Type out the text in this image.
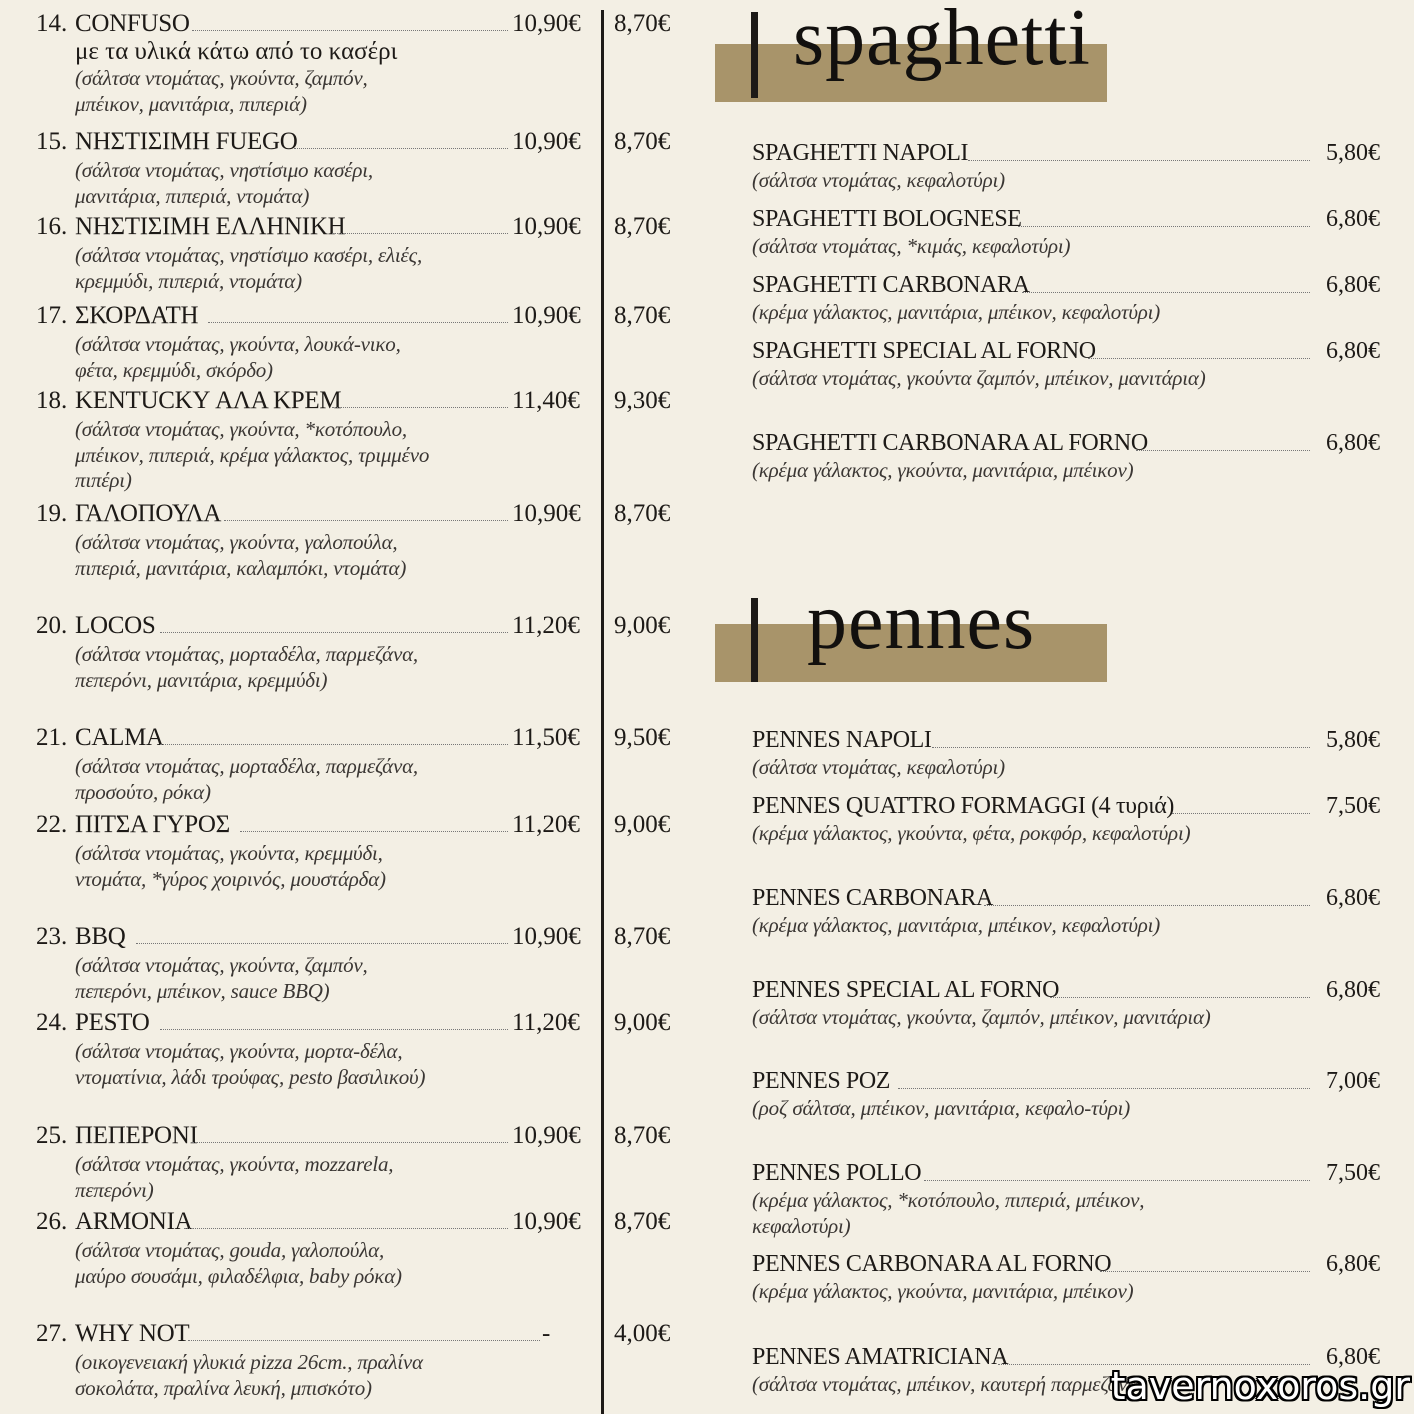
14. CONFUSO	10,90€	8,70€
με τα υλικά κάτω από το κασέρι
(σάλτσα ντομάτας, γκούντα, ζαμπόν, μπέικον, μανιτάρια, πιπεριά)
15. ΝΗΣΤΙΣΙΜΗ FUEGO	10,90€	8,70€
(σάλτσα ντομάτας, νηστίσιμο κασέρι, μανιτάρια, πιπεριά, ντομάτα)
16. ΝΗΣΤΙΣΙΜΗ ΕΛΛΗΝΙΚΗ	10,90€	8,70€
(σάλτσα ντομάτας, νηστίσιμο κασέρι, ελιές, κρεμμύδι, πιπεριά, ντομάτα)
17. ΣΚΟΡΔΑΤΗ	10,90€	8,70€
(σάλτσα ντομάτας, γκούντα, λουκά-νικο, φέτα, κρεμμύδι, σκόρδο)
18. KENTUCKY ΑΛΑ ΚΡΕΜ	11,40€	9,30€
(σάλτσα ντομάτας, γκούντα, *κοτόπουλο, μπέικον, πιπεριά, κρέμα γάλακτος, τριμμένο πιπέρι)
19. ΓΑΛΟΠΟΥΛΑ	10,90€	8,70€
(σάλτσα ντομάτας, γκούντα, γαλοπούλα, πιπεριά, μανιτάρια, καλαμπόκι, ντομάτα)
20. LOCOS	11,20€	9,00€
(σάλτσα ντομάτας, μορταδέλα, παρμεζάνα, πεπερόνι, μανιτάρια, κρεμμύδι)
21. CALMA	11,50€	9,50€
(σάλτσα ντομάτας, μορταδέλα, παρμεζάνα, προσούτο, ρόκα)
22. ΠΙΤΣΑ ΓΥΡΟΣ	11,20€	9,00€
(σάλτσα ντομάτας, γκούντα, κρεμμύδι, ντομάτα, *γύρος χοιρινός, μουστάρδα)
23. BBQ	10,90€	8,70€
(σάλτσα ντομάτας, γκούντα, ζαμπόν, πεπερόνι, μπέικον, sauce BBQ)
24. PESTO	11,20€	9,00€
(σάλτσα ντομάτας, γκούντα, μορτα-δέλα, ντοματίνια, λάδι τρούφας, pesto βασιλικού)
25. ΠΕΠΕΡΟΝΙ	10,90€	8,70€
(σάλτσα ντομάτας, γκούντα, mozzarela, πεπερόνι)
26. ARMONIA	10,90€	8,70€
(σάλτσα ντομάτας, gouda, γαλοπούλα, μαύρο σουσάμι, φιλαδέλφια, baby ρόκα)
27. WHY NOT	-	4,00€
(οικογενειακή γλυκιά pizza 26cm., πραλίνα σοκολάτα, πραλίνα λευκή, μπισκότο)
spaghetti
SPAGHETTI NAPOLI	5,80€
(σάλτσα ντομάτας, κεφαλοτύρι)
SPAGHETTI BOLOGNESE	6,80€
(σάλτσα ντομάτας, *κιμάς, κεφαλοτύρι)
SPAGHETTI CARBONARA	6,80€
(κρέμα γάλακτος, μανιτάρια, μπέικον, κεφαλοτύρι)
SPAGHETTI SPECIAL AL FORNO	6,80€
(σάλτσα ντομάτας, γκούντα ζαμπόν, μπέικον, μανιτάρια)
SPAGHETTI CARBONARA AL FORNO	6,80€
(κρέμα γάλακτος, γκούντα, μανιτάρια, μπέικον)
pennes
PENNES NAPOLI	5,80€
(σάλτσα ντομάτας, κεφαλοτύρι)
PENNES QUATTRO FORMAGGI (4 τυριά)	7,50€
(κρέμα γάλακτος, γκούντα, φέτα, ροκφόρ, κεφαλοτύρι)
PENNES CARBONARA	6,80€
(κρέμα γάλακτος, μανιτάρια, μπέικον, κεφαλοτύρι)
PENNES SPECIAL AL FORNO	6,80€
(σάλτσα ντομάτας, γκούντα, ζαμπόν, μπέικον, μανιτάρια)
PENNES POZ	7,00€
(ροζ σάλτσα, μπέικον, μανιτάρια, κεφαλο-τύρι)
PENNES POLLO	7,50€
(κρέμα γάλακτος, *κοτόπουλο, πιπεριά, μπέικον, κεφαλοτύρι)
PENNES CARBONARA AL FORNO	6,80€
(κρέμα γάλακτος, γκούντα, μανιτάρια, μπέικον)
PENNES AMATRICIANA	6,80€
(σάλτσα ντομάτας, μπέικον, καυτερή παρμεζάνα)
tavernoxoros.gr
